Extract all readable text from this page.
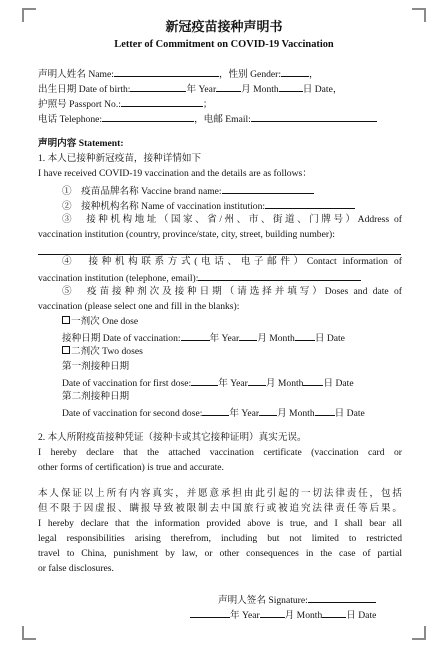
新冠疫苗接种声明书
Letter of Commitment on COVID-19 Vaccination
声明人姓名 Name:	，性别 Gender:	，
出生日期 Date of birth:	年 Year	月 Month	日 Date，
护照号 Passport No.:	；
电话 Telephone:	，电邮 Email:
声明内容 Statement:
1. 本人已接种新冠疫苗，接种详情如下
I have received COVID-19 vaccination and the details are as follows：
①　疫苗品牌名称 Vaccine brand name:
②　接种机构名称 Name of vaccination institution:
③　接种机构地址（国家、省/州、市、街道、门牌号）Address of
vaccination institution (country, province/state, city, street, building number):
④　接种机构联系方式(电话、电子邮件）Contact information of
vaccination institution (telephone, email):
⑤　疫苗接种剂次及接种日期（请选择并填写）Doses and date of
vaccination (please select one and fill in the blanks):
一剂次 One dose
接种日期 Date of vaccination:	年 Year 月 Month 日 Date
二剂次 Two doses
第一剂接种日期
Date of vaccination for first dose:	年 Year 月 Month 日 Date
第二剂接种日期
Date of vaccination for second dose:	年 Year 月 Month 日 Date
2. 本人所附疫苗接种凭证（接种卡或其它接种证明）真实无误。
I hereby declare that the attached vaccination certificate (vaccination card or
other forms of certification) is true and accurate.
本人保证以上所有内容真实，并愿意承担由此引起的一切法律责任，包括
但不限于因虚报、瞒报导致被限制去中国旅行或被追究法律责任等后果。
I hereby declare that the information provided above is true, and I shall bear all
legal responsibilities arising therefrom, including but not limited to restricted
travel to China, punishment by law, or other consequences in the case of partial
or false disclosures.
声明人签名 Signature:
年 Year	月 Month	日 Date
